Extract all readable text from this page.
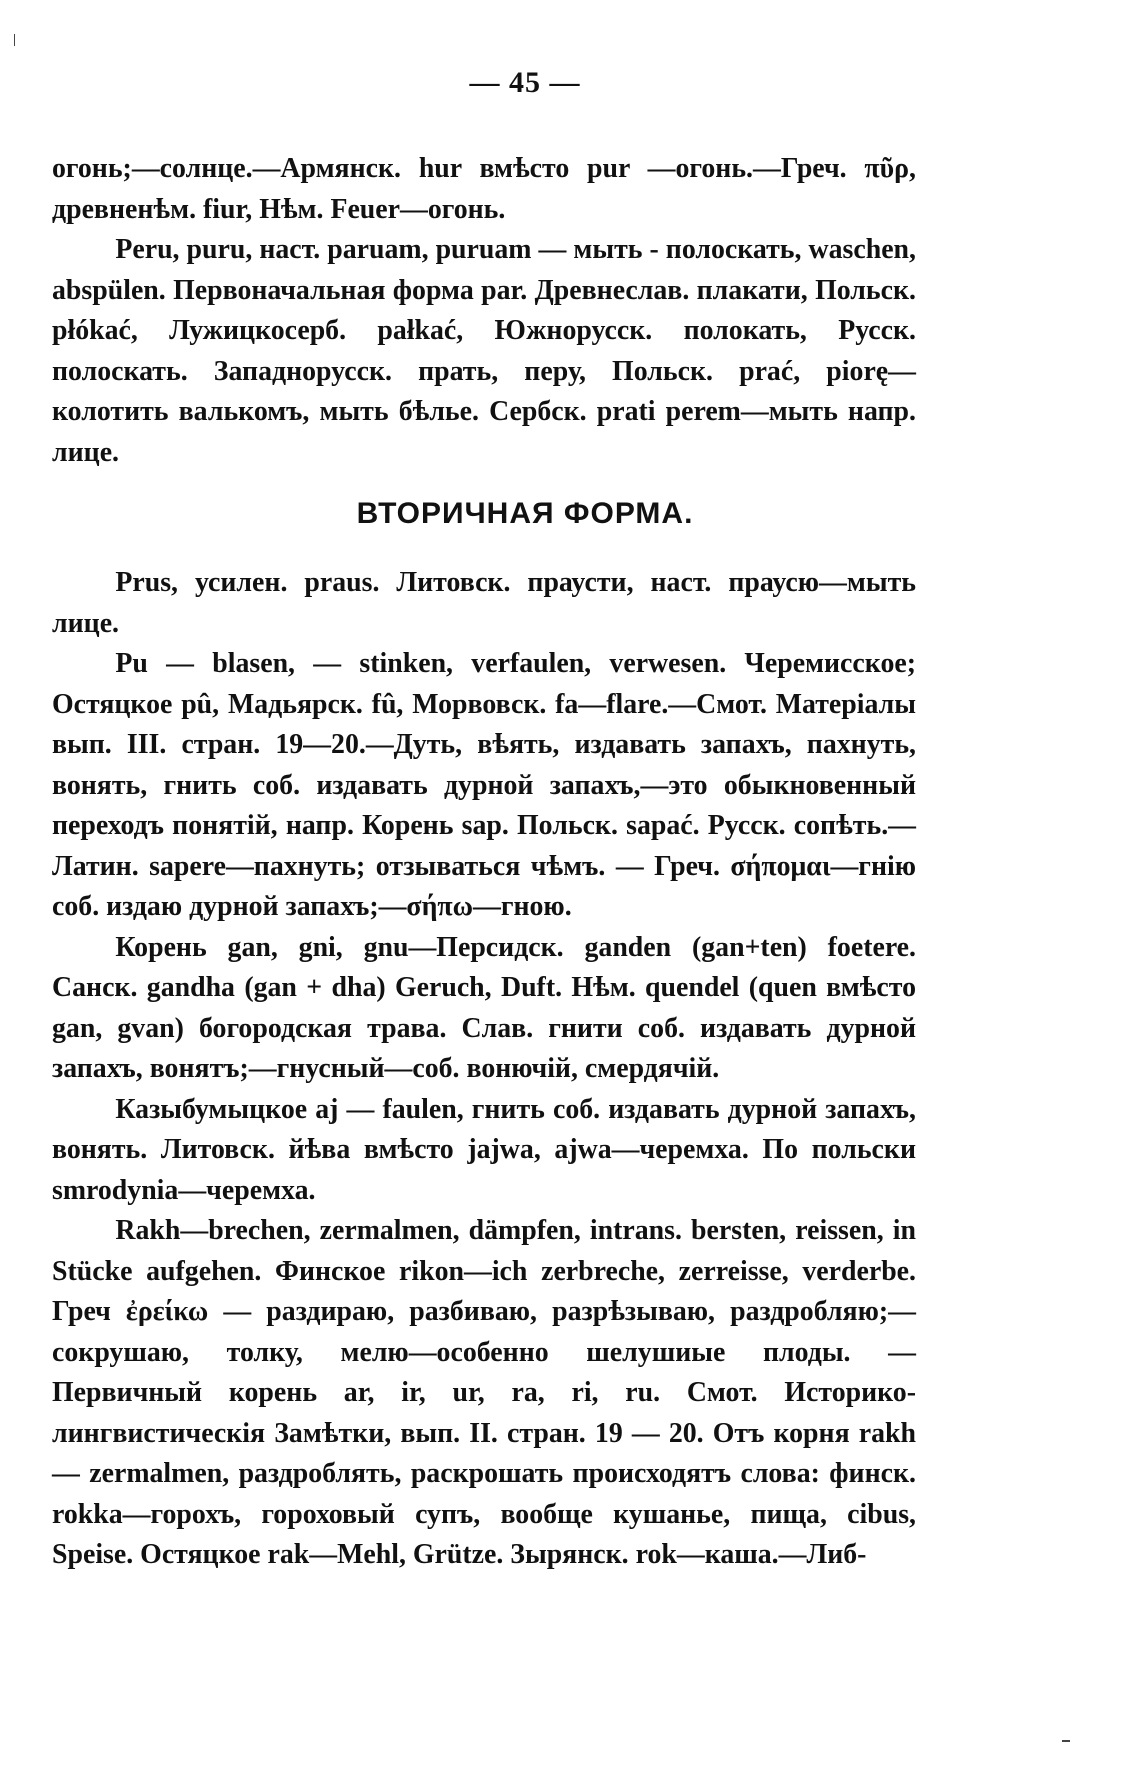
— 45 —

огонь;—солнце.—Армянск. hur вмѣсто pur —огонь.—Греч. πῦρ, древненѣм. fiur, Нѣм. Feuer—огонь.

Peru, puru, наст. paruam, puruam — мыть - полоскать, waschen, abspülen. Первоначальная форма par. Древнеслав. плакати, Польск. płókać, Лужицкосерб. pałkać, Южнорусск. полокать, Русск. полоскать. Западнорусск. прать, перу, Польск. prać, piorę—колотить валькомъ, мыть бѣлье. Сербск. prati perem—мыть напр. лице.

ВТОРИЧНАЯ ФОРМА.

Prus, усилен. praus. Литовск. праусти, наст. праусю—мыть лице.

Pu — blasen, — stinken, verfaulen, verwesen. Черемисское; Остяцкое pû, Мадьярск. fû, Морвовск. fa—flare.—Смот. Матеріалы вып. III. стран. 19—20.—Дуть, вѣять, издавать запахъ, пахнуть, вонять, гнить соб. издавать дурной запахъ,—это обыкновенный переходъ понятій, напр. Корень sap. Польск. sapać. Русск. сопѣть.—Латин. sapere—пахнуть; отзываться чѣмъ. — Греч. σήπομαι—гнію соб. издаю дурной запахъ;—σήπω—гною.

Корень gan, gni, gnu—Персидск. ganden (gan+ten) foetere. Санск. gandha (gan + dha) Geruch, Duft. Нѣм. quendel (quen вмѣсто gan, gvan) богородская трава. Слав. гнити соб. издавать дурной запахъ, вонятъ;—гнусный—соб. вонючій, смердячій.

Казыбумыцкое aj — faulen, гнить соб. издавать дурной запахъ, вонять. Литовск. йѣва вмѣсто jajwa, ajwa—черемха. По польски smrodynia—черемха.

Rakh—brechen, zermalmen, dämpfen, intrans. bersten, reissen, in Stücke aufgehen. Финское rikon—ich zerbreche, zerreisse, verderbe. Греч ἐρείκω — раздираю, разбиваю, разрѣзываю, раздробляю;—сокрушаю, толку, мелю—особенно шелушиые плоды. — Первичный корень ar, ir, ur, ra, ri, ru. Смот. Историко-лингвистическія Замѣтки, вып. II. стран. 19 — 20. Отъ корня rakh — zermalmen, раздроблять, раскрошать происходятъ слова: финск. rokka—горохъ, гороховый супъ, вообще кушанье, пища, cibus, Speise. Остяцкое rak—Mehl, Grütze. Зырянск. rok—каша.—Либ-
